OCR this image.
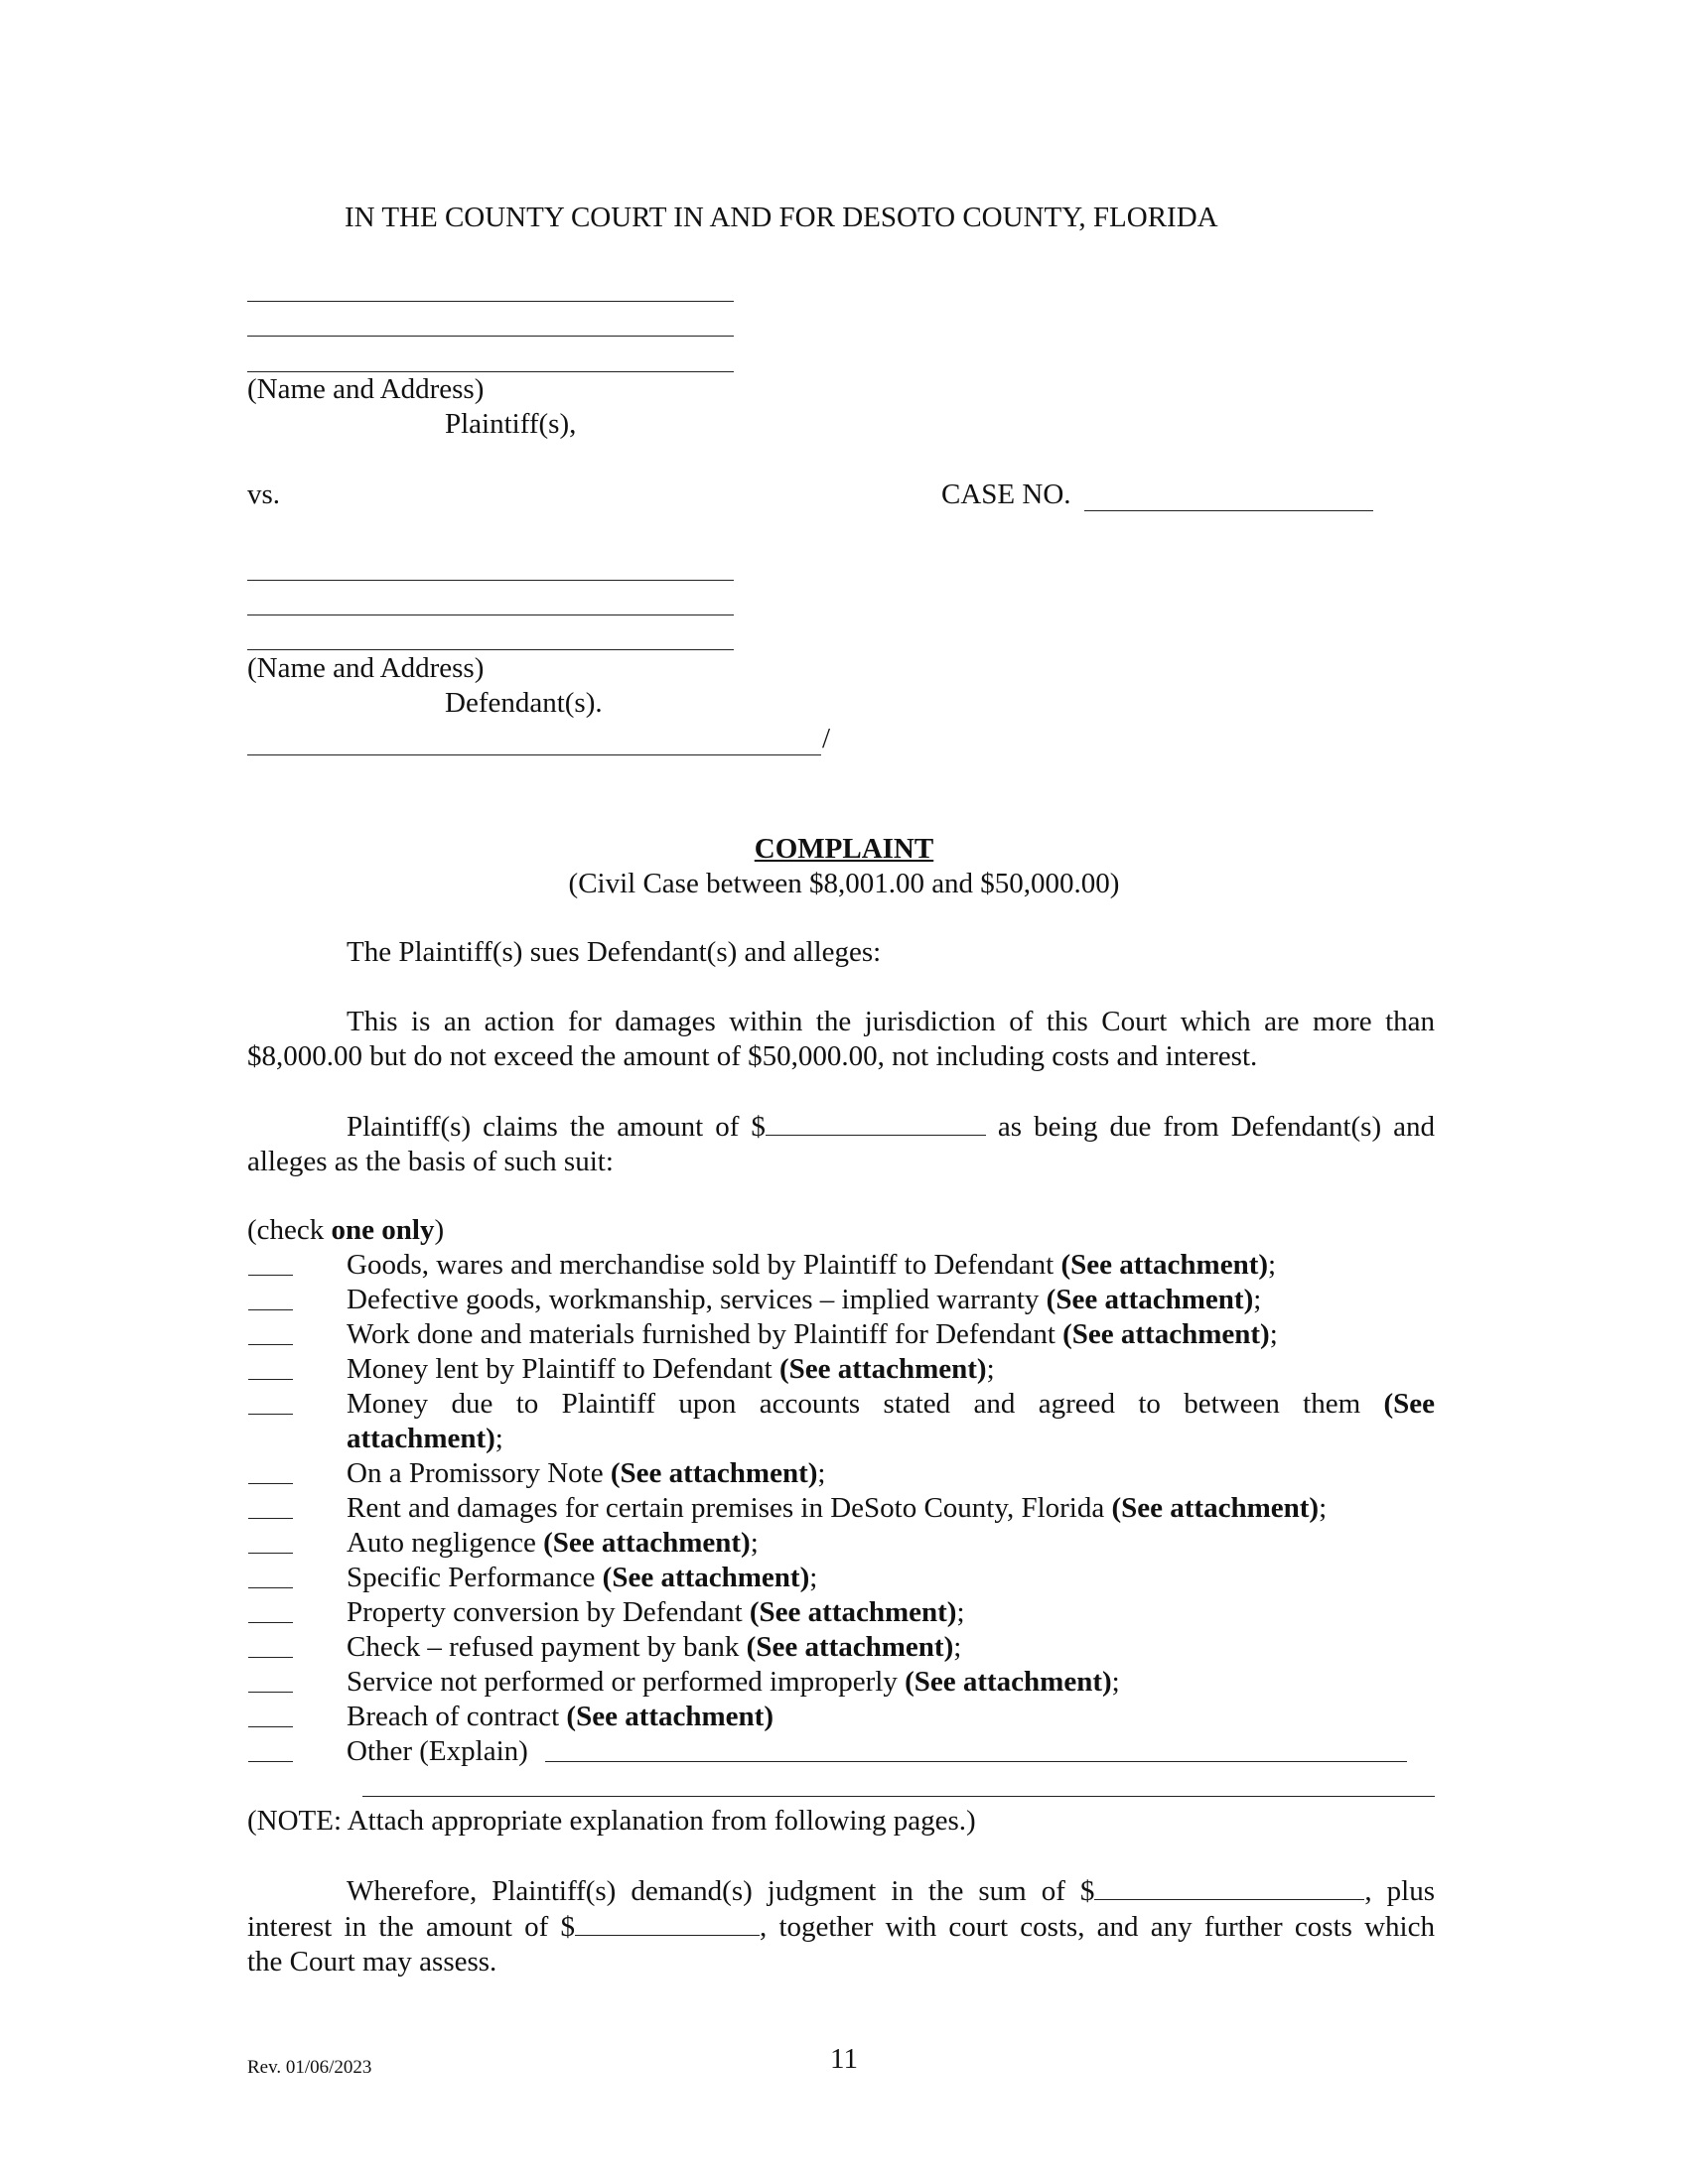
IN THE COUNTY COURT IN AND FOR DESOTO COUNTY, FLORIDA
(Name and Address)
Plaintiff(s),
vs.	CASE NO.
(Name and Address)
Defendant(s).
/
COMPLAINT
(Civil Case between $8,001.00 and $50,000.00)
The Plaintiff(s) sues Defendant(s) and alleges:
This is an action for damages within the jurisdiction of this Court which are more than $8,000.00 but do not exceed the amount of $50,000.00, not including costs and interest.
Plaintiff(s) claims the amount of $	as being due from Defendant(s) and
alleges as the basis of such suit:
(check one only)
Goods, wares and merchandise sold by Plaintiff to Defendant (See attachment);
Defective goods, workmanship, services – implied warranty (See attachment);
Work done and materials furnished by Plaintiff for Defendant (See attachment);
Money lent by Plaintiff to Defendant (See attachment);
Money due to Plaintiff upon accounts stated and agreed to between them (See
attachment);
On a Promissory Note (See attachment);
Rent and damages for certain premises in DeSoto County, Florida (See attachment);
Auto negligence (See attachment);
Specific Performance (See attachment);
Property conversion by Defendant (See attachment);
Check – refused payment by bank (See attachment);
Service not performed or performed improperly (See attachment);
Breach of contract (See attachment)
Other (Explain)
(NOTE: Attach appropriate explanation from following pages.)
Wherefore, Plaintiff(s) demand(s) judgment in the sum of $	, plus
interest in the amount of $	, together with court costs, and any further costs which
the Court may assess.
Rev. 01/06/2023	11
